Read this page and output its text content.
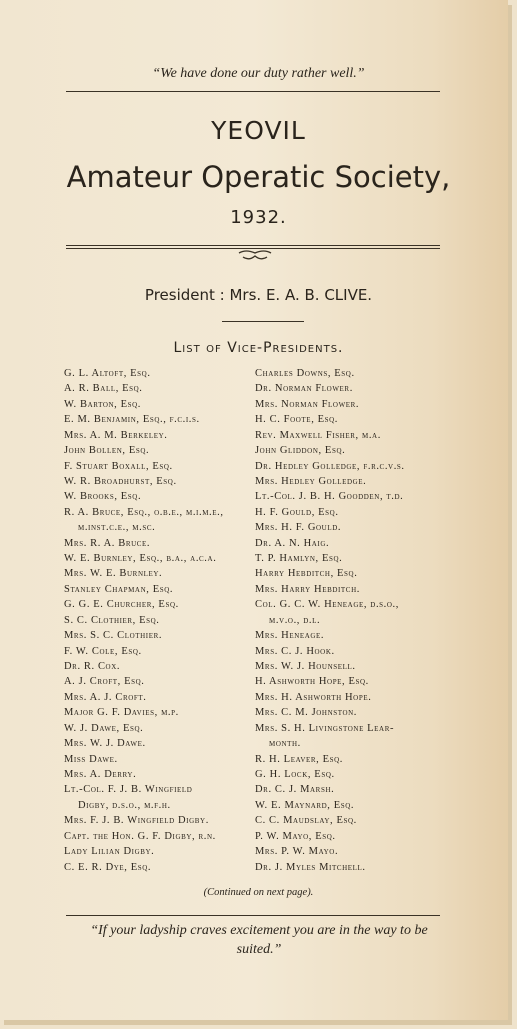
“We have done our duty rather well.”
YEOVIL
Amateur Operatic Society,
1932.
President : Mrs. E. A. B. CLIVE.
List of Vice-Presidents.
G. L. Altoft, Esq.
A. R. Ball, Esq.
W. Barton, Esq.
E. M. Benjamin, Esq., f.c.i.s.
Mrs. A. M. Berkeley.
John Bollen, Esq.
F. Stuart Boxall, Esq.
W. R. Broadhurst, Esq.
W. Brooks, Esq.
R. A. Bruce, Esq., o.b.e., m.i.m.e.,
m.inst.c.e., m.sc.
Mrs. R. A. Bruce.
W. E. Burnley, Esq., b.a., a.c.a.
Mrs. W. E. Burnley.
Stanley Chapman, Esq.
G. G. E. Churcher, Esq.
S. C. Clothier, Esq.
Mrs. S. C. Clothier.
F. W. Cole, Esq.
Dr. R. Cox.
A. J. Croft, Esq.
Mrs. A. J. Croft.
Major G. F. Davies, m.p.
W. J. Dawe, Esq.
Mrs. W. J. Dawe.
Miss Dawe.
Mrs. A. Derry.
Lt.-Col. F. J. B. Wingfield
Digby, d.s.o., m.f.h.
Mrs. F. J. B. Wingfield Digby.
Capt. the Hon. G. F. Digby, r.n.
Lady Lilian Digby.
C. E. R. Dye, Esq.
Charles Downs, Esq.
Dr. Norman Flower.
Mrs. Norman Flower.
H. C. Foote, Esq.
Rev. Maxwell Fisher, m.a.
John Gliddon, Esq.
Dr. Hedley Golledge, f.r.c.v.s.
Mrs. Hedley Golledge.
Lt.-Col. J. B. H. Goodden, t.d.
H. F. Gould, Esq.
Mrs. H. F. Gould.
Dr. A. N. Haig.
T. P. Hamlyn, Esq.
Harry Hebditch, Esq.
Mrs. Harry Hebditch.
Col. G. C. W. Heneage, d.s.o.,
m.v.o., d.l.
Mrs. Heneage.
Mrs. C. J. Hook.
Mrs. W. J. Hounsell.
H. Ashworth Hope, Esq.
Mrs. H. Ashworth Hope.
Mrs. C. M. Johnston.
Mrs. S. H. Livingstone Lear-
month.
R. H. Leaver, Esq.
G. H. Lock, Esq.
Dr. C. J. Marsh.
W. E. Maynard, Esq.
C. C. Maudslay, Esq.
P. W. Mayo, Esq.
Mrs. P. W. Mayo.
Dr. J. Myles Mitchell.
(Continued on next page).
“If your ladyship craves excitement you are in the way to be suited.”
